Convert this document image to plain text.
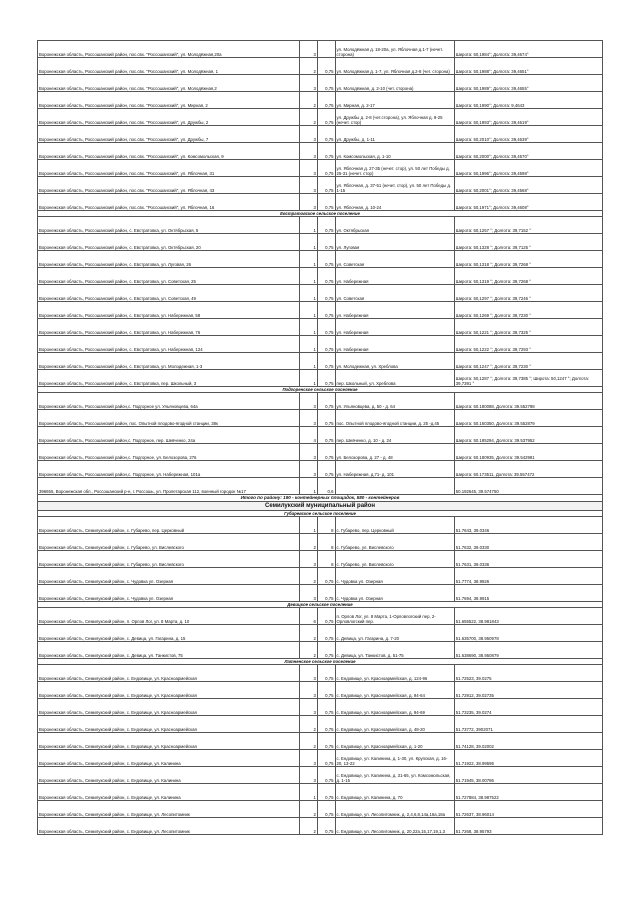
Воронежская область, Россошанский район, пос.свх. "Россошанский", ул. Молодёжная,20а	3		ул. Молодёжная д. 18-20а, ул. Яблочная д.1-7 (нечет. сторона)	Широта: 50,1984°; Долгота: 39,4674°
Воронежская область, Россошанский район, пос.свх. "Россошанский", ул. Молодёжная, 1	2	0,75	ул. Молодёжная д. 1-7, ул. Яблочная д.2-8 (чет. сторона)	Широта: 50,1988°; Долгота: 39,4651°
Воронежская область, Россошанский район, пос.свх. "Россошанский", ул. Молодёжная,2	3	0,75	ул. Молодёжная, д. 2-10 (чет. сторона)	Широта: 50,1989°; Долгота: 39,4655°
Воронежская область, Россошанский район, пос.свх. "Россошанский", ул. Мирная, 2	2	0,75	ул. Мирная, д. 2-17	Широта: 50,1990°; Долгота: 9,4643
Воронежская область, Россошанский район, пос.свх. "Россошанский", ул. Дружбы, 2	2	0,75	ул. Дружбы д. 2-8 (чет.сторона), ул. Яблочная д. 9-25 (нечет. стор)	Широта: 50,1993°; Долгота: 39,4619°
Воронежская область, Россошанский район, пос.свх. "Россошанский", ул. Дружбы, 7	3	0,75	ул. Дружбы, д. 1-11	Широта: 50,2010°; Долгота: 39,4639°
Воронежская область, Россошанский район, пос.свх. "Россошанский", ул. Комсомольская, 9	3	0,75	ул. Комсомольская, д. 1-10	Широта: 50,2000°; Долгота: 39,4570°
Воронежская область, Россошанский район, пос.свх. "Россошанский", ул. Яблочная, 31	3	0,75	ул. Яблочная д. 27-35 (нечет. стор), ул. 50 лет Победы д. 25-31 (нечет. стор)	Широта: 50,1996°; Долгота: 39,4598°
Воронежская область, Россошанский район, пос.свх. "Россошанский", ул. Яблочная, 43	3	0,75	ул. Яблочная, д. 37-51 (нечет. стор), ул. 50 лет Победы д. 1-15	Широта: 50,2001°; Долгота: 39,4568°
Воронежская область, Россошанский район, пос.свх. "Россошанский", ул. Яблочная, 16	3	0,75	ул. Яблочная, д. 10-24	Широта: 50,1971°; Долгота: 39,4608°
Евстратовское сельское поселение				
Воронежская область, Россошанский район, с. Евстратовка, ул. Октябрьская, 5	1	0,75	ул. Октябрьская	Широта: 50,1257 °; Долгота: 39,7152 °
Воронежская область, Россошанский район, с. Евстратовка, ул. Октябрьская, 20	1	0,75	ул. Луговая	Широта: 50,1328 °; Долгота: 39,7125 °
Воронежская область, Россошанский район, с. Евстратовка, ул. Луговая, 26	1	0,75	ул. Советская	Широта: 50,1318 °; Долгота: 39,7268 °
Воронежская область, Россошанский район, с. Евстратовка, ул. Советская, 25	1	0,75	ул. Набережная	Широта: 50,1319 °; Долгота: 39,7268 °
Воронежская область, Россошанский район, с. Евстратовка, ул. Советская, 49	1	0,75	ул. Советская	Широта: 50,1297 °; Долгота: 39,7246 °
Воронежская область, Россошанский район, с. Евстратовка, ул. Набережная, 58	1	0,75	ул. Набережная	Широта: 50,1269 °; Долгота: 39,7230 °
Воронежская область, Россошанский район, с. Евстратовка, ул. Набережная, 76	1	0,75	ул. Набережная	Широта: 50,1221 °; Долгота: 39,7325 °
Воронежская область, Россошанский район, с. Евстратовка, ул. Набережная, 124	1	0,75	ул. Набережная	Широта: 50,1222 °; Долгота: 39,7293 °
Воронежская область, Россошанский район, с. Евстратовка, ул. Молодежная, 1-3	1	0,75	ул. Молодежная, ул. Хреблова	Широта: 50,1247 °; Долгота: 39,7230 °
Воронежская область, Россошанский район, с. Евстратовка, пер. Школьный, 3	1	0,75	пер. Школьный, ул. Хреблова	Широта: 50,1287 °; Долгота: 39,7385 °; Широта: 50,1247 °; Долгота: 39,7391 °
Подгоренское сельское поселение				
Воронежская область, Россошанский район,с. Подгорное ул. Ульяновцева, 64а	3	0,75	ул. Ульяновцева, д. 50 - д. 64	Широта: 50.180088, Долгота: 39.552798
Воронежская область, Россошанский район, пос. Опытной плодово-ягодной станции, 38к	3	0,75	пос. Опытной плодово-ягодной станции, д. 25 -д.45	Широта: 50.160350, Долгота: 39.552879
Воронежская область, Россошанский район,с. Подгорное, пер. Шевченко, 24а	4	0,75	пер. Шевченко, д. 10 - д. 24	Широта: 50.185294, Долгота: 39.537952
Воронежская область, Россошанский район,с. Подгорное, ул. Белозорова, 27в	3	0,75	ул. Белозорова, д. 27 - д. 48	Широта: 50.180935, Долгота: 39.542981
Воронежская область, Россошанский район,с. Подгорное, ул. Набережная, 101а	3	0,75	ул. Набережная, д.71- д. 101	Широта: 50.173511, Долгота: 39.557472
396655, Воронежская обл., Россошанский р-н, г. Россошь, ул. Пролетарская 112, военный городок №17	1	0,6		50.192645, 39.574750
Итого по району: 190 - контейнерных площадок, 580 - контейнеров				
Семилукский муниципальный район				
Губаревское сельское поселение				
Воронежская область, Семилукский район, с. Губарево, пер. Церковный	1	8	с. Губарево, пер. Церковный	51.7643, 39.0346
Воронежская область, Семилукский район, с. Губарево, ул. Вислевского	2	8	с. Губарево, ул. Вислевского	51.7632, 39.0330
Воронежская область, Семилукский район, с. Губарево, ул. Вислевского	3	8	с. Губарево, ул. Вислевского	51.7631, 39.0336
Воронежская область, Семилукский район, с. Чудовка ул. Озерная	2	0,75	с. Чудовка ул. Озерная	51.7774, 38.9926
Воронежская область, Семилукский район, с. Чудовка ул. Озерная	3	0,75	с. Чудовка ул. Озерная	51.7694, 38.9915
Девицкое сельское поселение				
Воронежская область, Семилукский район, п. Орлов Лог, ул. 8 Марта, д. 10	6	0,75	п. Орлов Лог, ул. 8 Марта, 1-Орловлогский пер, 2-Орловлогский пер.	51.655522, 38.981843
Воронежская область, Семилукский район, с. Девица, ул. Гагарина, д. 15	2	0,75	с. Девица, ул. Гагарина, д. 7-20	51.635700, 38.950978
Воронежская область, Семилукский район, с. Девица, ул. Танкистов, 75	2	0,75	с. Девица, ул. Танкистов, д. 51-75	51.638690, 38.950879
Латненское сельское поселение				
Воронежская область, Семилукский район, с. Ендовище, ул. Красноармейская	3	0,75	с. Ендовище, ул. Красноармейская, д. 124-96	51.72523, 39.0275
Воронежская область, Семилукский район, с. Ендовище, ул. Красноармейская	3	0,75	с. Ендовище, ул. Красноармейская, д. 94-64	51.72912, 39.02735
Воронежская область, Семилукский район, с. Ендовище, ул. Красноармейская	3	0,75	с. Ендовище, ул. Красноармейская, д. 94-69	51.73235, 39.0274
Воронежская область, Семилукский район, с. Ендовище, ул. Красноармейская	2	0,75	с. Ендовище, ул. Красноармейская, д. 48-20	51.73772, 3902071
Воронежская область, Семилукский район, с. Ендовище, ул. Красноармейская	2	0,75	с. Ендовище, ул. Красноармейская, д. 1-20	51.74128, 39.02002
Воронежская область, Семилукский район, с. Ендовище, ул. Калинина	3	0,75	с. Ендовище, ул. Калинина, д. 1-30, ул. Крупская, д. 16-20, 13-22	51.71922, 38.99595
Воронежская область, Семилукский район, с. Ендовище, ул. Калинина	3	0,75	с. Ендовище, ул. Калинина, д. 31-65, ул. Комсомольская, д. 1-15	51.71945, 38.00786
Воронежская область, Семилукский район, с. Ендовище, ул. Калинина	1	0,75	с. Ендовище, ул. Калинина, д. 70	51.727884, 38.987522
Воронежская область, Семилукский район, с. Ендовище, ул. Лесопитомник	2	0,75	с. Ендовище, ул. Лесопитомник, д. 2,4,6,8,14а,16а,18а	51.72637, 38.96014
Воронежская область, Семилукский район, с. Ендовище, ул. Лесопитомник	2	0,75	с. Ендовище, ул. Лесопитомник, д. 20,22а,15,17,19,1,3	51.7268, 38.95793
